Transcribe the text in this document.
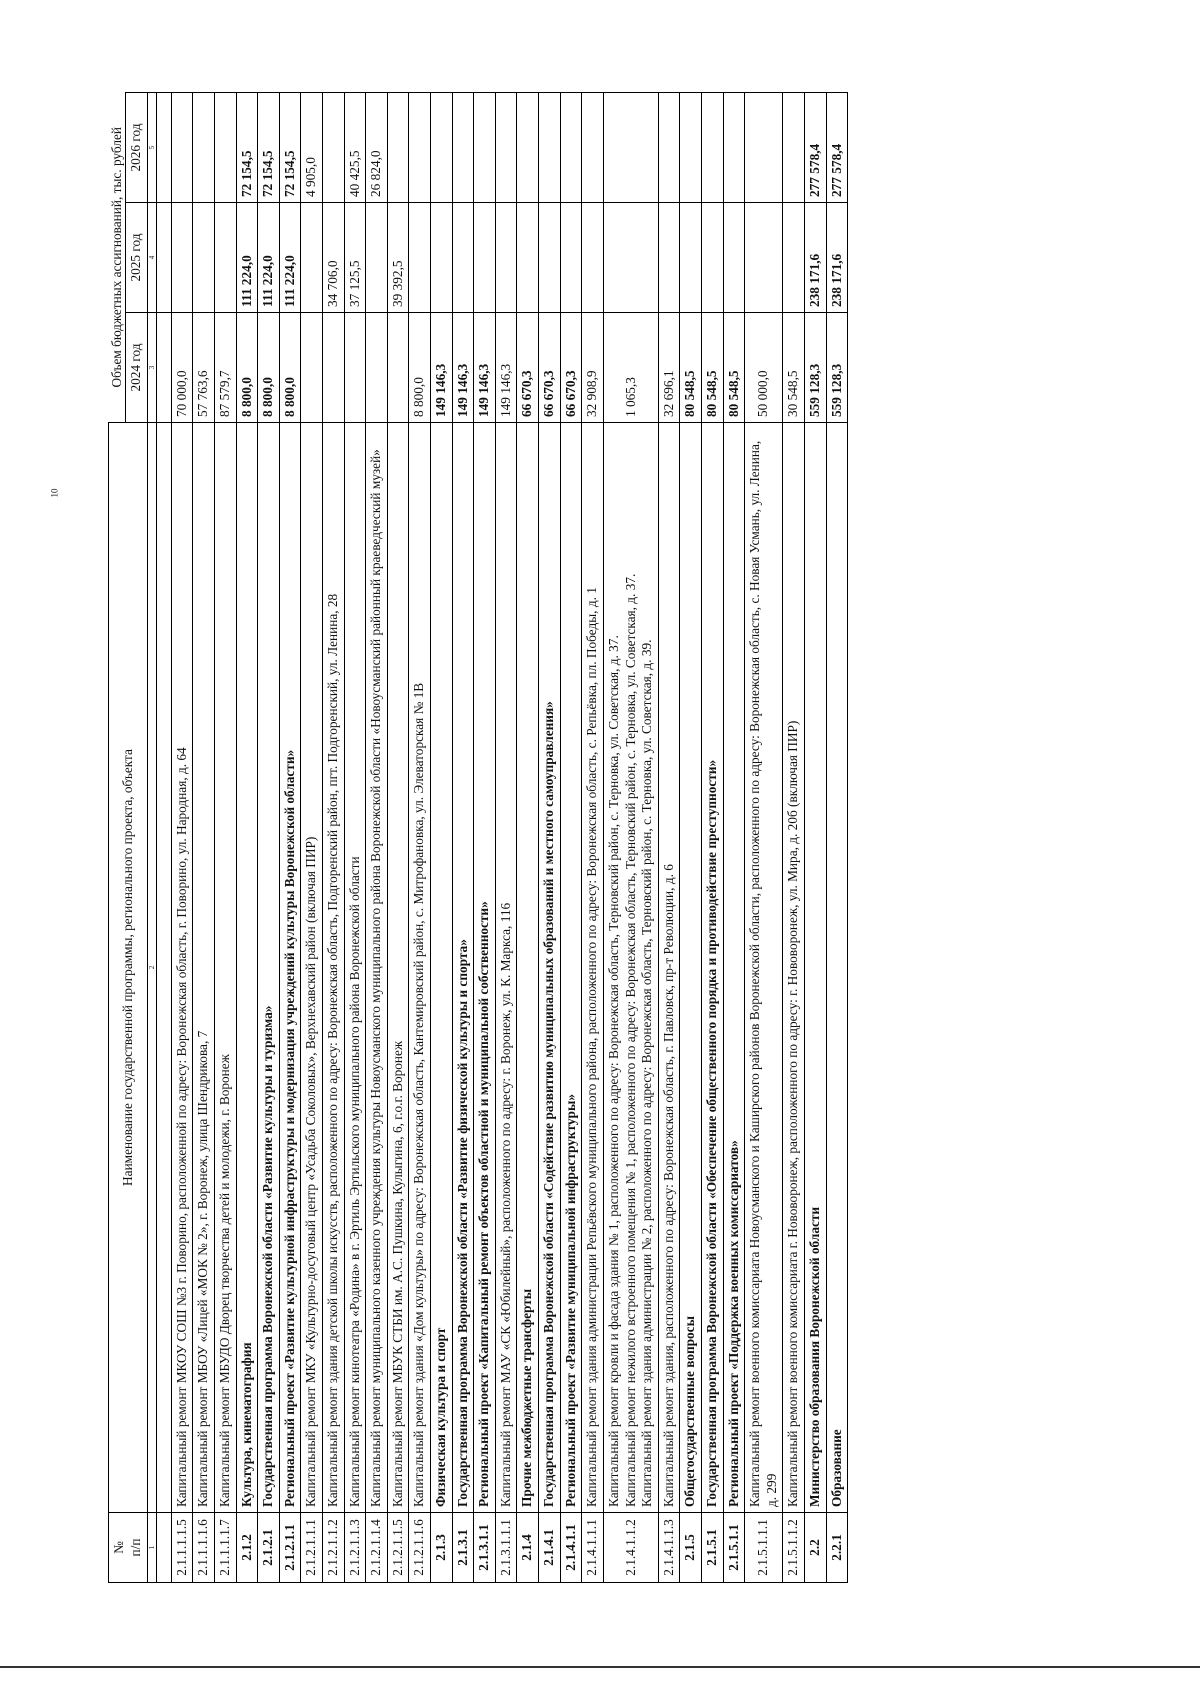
10
№
п/п	Наименование государственной программы, регионального проекта, объекта	Объем бюджетных ассигнований, тыс. рублей		
		2024 год	2025 год	2026 год
1	2	3	4	5

2.1.1.1.1.5	Капитальный ремонт МКОУ СОШ №3 г. Поворино, расположенной по адресу: Воронежская область, г. Поворино, ул. Народная, д. 64	70 000,0		
2.1.1.1.1.6	Капитальный ремонт МБОУ «Лицей «МОК № 2», г. Воронеж, улица Шендрикова, 7	57 763,6		
2.1.1.1.1.7	Капитальный ремонт МБУДО Дворец творчества детей и молодежи, г. Воронеж	87 579,7		
2.1.2	Культура, кинематография	8 800,0	111 224,0	72 154,5
2.1.2.1	Государственная программа Воронежской области «Развитие культуры и туризма»	8 800,0	111 224,0	72 154,5
2.1.2.1.1	Региональный проект «Развитие культурной инфраструктуры и модернизация учреждений культуры Воронежской области»	8 800,0	111 224,0	72 154,5
2.1.2.1.1.1	Капитальный ремонт МКУ «Культурно-досуговый центр «Усадьба Соколовых», Верхнехавский район (включая ПИР)			4 905,0
2.1.2.1.1.2	Капитальный ремонт здания детской школы искусств, расположенного по адресу: Воронежская область, Подгоренский район, пгт. Подгоренский, ул. Ленина, 28		34 706,0	
2.1.2.1.1.3	Капитальный ремонт кинотеатра «Родина» в г. Эртиль Эртильского муниципального района Воронежской области		37 125,5	40 425,5
2.1.2.1.1.4	Капитальный ремонт муниципального казенного учреждения культуры Новоусманского муниципального района Воронежской области «Новоусманский районный краеведческий музей»			26 824,0
2.1.2.1.1.5	Капитальный ремонт МБУК СТБИ им. А.С. Пушкина, Кулыгина, 6, г.о.г. Воронеж		39 392,5	
2.1.2.1.1.6	Капитальный ремонт здания «Дом культуры» по адресу: Воронежская область, Кантемировский район, с. Митрофановка, ул. Элеваторская № 1В	8 800,0		
2.1.3	Физическая культура и спорт	149 146,3		
2.1.3.1	Государственная программа Воронежской области «Развитие физической культуры и спорта»	149 146,3		
2.1.3.1.1	Региональный проект «Капитальный ремонт объектов областной и муниципальной собственности»	149 146,3		
2.1.3.1.1.1	Капитальный ремонт МАУ «СК «Юбилейный», расположенного по адресу: г. Воронеж, ул. К. Маркса, 116	149 146,3		
2.1.4	Прочие межбюджетные трансферты	66 670,3		
2.1.4.1	Государственная программа Воронежской области «Содействие развитию муниципальных образований и местного самоуправления»	66 670,3		
2.1.4.1.1	Региональный проект «Развитие муниципальной инфраструктуры»	66 670,3		
2.1.4.1.1.1	Капитальный ремонт здания администрации Репьёвского муниципального района, расположенного по адресу: Воронежская область, с. Репьёвка, пл. Победы, д. 1	32 908,9		
2.1.4.1.1.2	Капитальный ремонт кровли и фасада здания № 1, расположенного по адресу: Воронежская область, Терновский район, с. Терновка, ул. Советская, д. 37.
Капитальный ремонт нежилого встроенного помещения № 1, расположенного по адресу: Воронежская область, Терновский район, с. Терновка, ул. Советская, д. 37.
Капитальный ремонт здания администрации № 2, расположенного по адресу: Воронежская область, Терновский район, с. Терновка, ул. Советская, д. 39.	1 065,3		
2.1.4.1.1.3	Капитальный ремонт здания, расположенного по адресу: Воронежская область, г. Павловск, пр-т Революции, д. 6	32 696,1		
2.1.5	Общегосударственные вопросы	80 548,5		
2.1.5.1	Государственная программа Воронежской области «Обеспечение общественного порядка и противодействие преступности»	80 548,5		
2.1.5.1.1	Региональный проект «Поддержка военных комиссариатов»	80 548,5		
2.1.5.1.1.1	Капитальный ремонт военного комиссариата Новоусманского и Каширского районов Воронежской области, расположенного по адресу: Воронежская область, с. Новая Усмань, ул. Ленина, д. 299	50 000,0		
2.1.5.1.1.2	Капитальный ремонт военного комиссариата г. Нововоронеж, расположенного по адресу: г. Нововоронеж, ул. Мира, д. 20б (включая ПИР)	30 548,5		
2.2	Министерство образования Воронежской области	559 128,3	238 171,6	277 578,4
2.2.1	Образование	559 128,3	238 171,6	277 578,4
